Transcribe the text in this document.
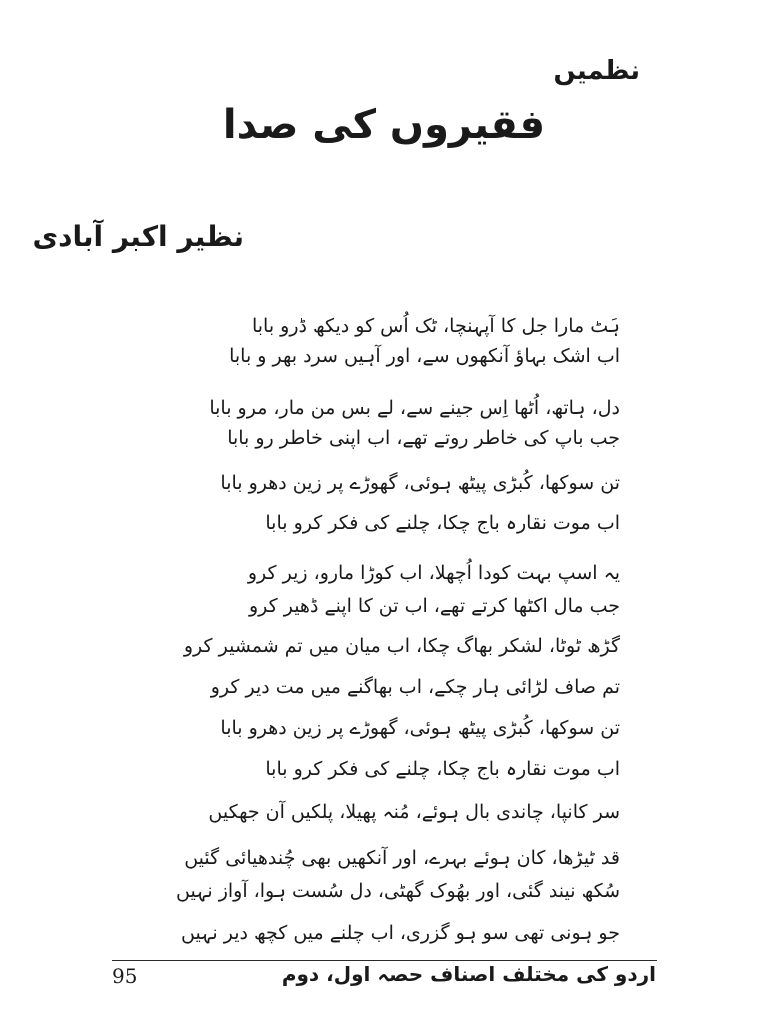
نظمیں
فقیروں کی صدا
نظیر اکبر آبادی
ہَٹ مارا جل کا آپہنچا، ٹک اُس کو دیکھ ڈرو بابا
اب اشک بہاؤ آنکھوں سے، اور آہیں سرد بھر و بابا
دل، ہاتھ، اُٹھا اِس جینے سے، لے بس من مار، مرو بابا
جب باپ کی خاطر روتے تھے، اب اپنی خاطر رو بابا
تن سوکھا، کُبڑی پیٹھ ہوئی، گھوڑے پر زین دھرو بابا
اب موت نقارہ باج چکا، چلنے کی فکر کرو بابا
یہ اسپ بہت کودا اُچھلا، اب کوڑا مارو، زیر کرو
جب مال اکٹھا کرتے تھے، اب تن کا اپنے ڈھیر کرو
گڑھ ٹوٹا، لشکر بھاگ چکا، اب میان میں تم شمشیر کرو
تم صاف لڑائی ہار چکے، اب بھاگنے میں مت دیر کرو
تن سوکھا، کُبڑی پیٹھ ہوئی، گھوڑے پر زین دھرو بابا
اب موت نقارہ باج چکا، چلنے کی فکر کرو بابا
سر کانپا، چاندی بال ہوئے، مُنہ پھیلا، پلکیں آن جھکیں
قد ٹیڑھا، کان ہوئے بہرے، اور آنکھیں بھی چُندھیائی گئیں
سُکھ نیند گئی، اور بھُوک گھٹی، دل سُست ہوا، آواز نہیں
جو ہونی تھی سو ہو گزری، اب چلنے میں کچھ دیر نہیں
95	اردو کی مختلف اصناف حصہ اول، دوم
